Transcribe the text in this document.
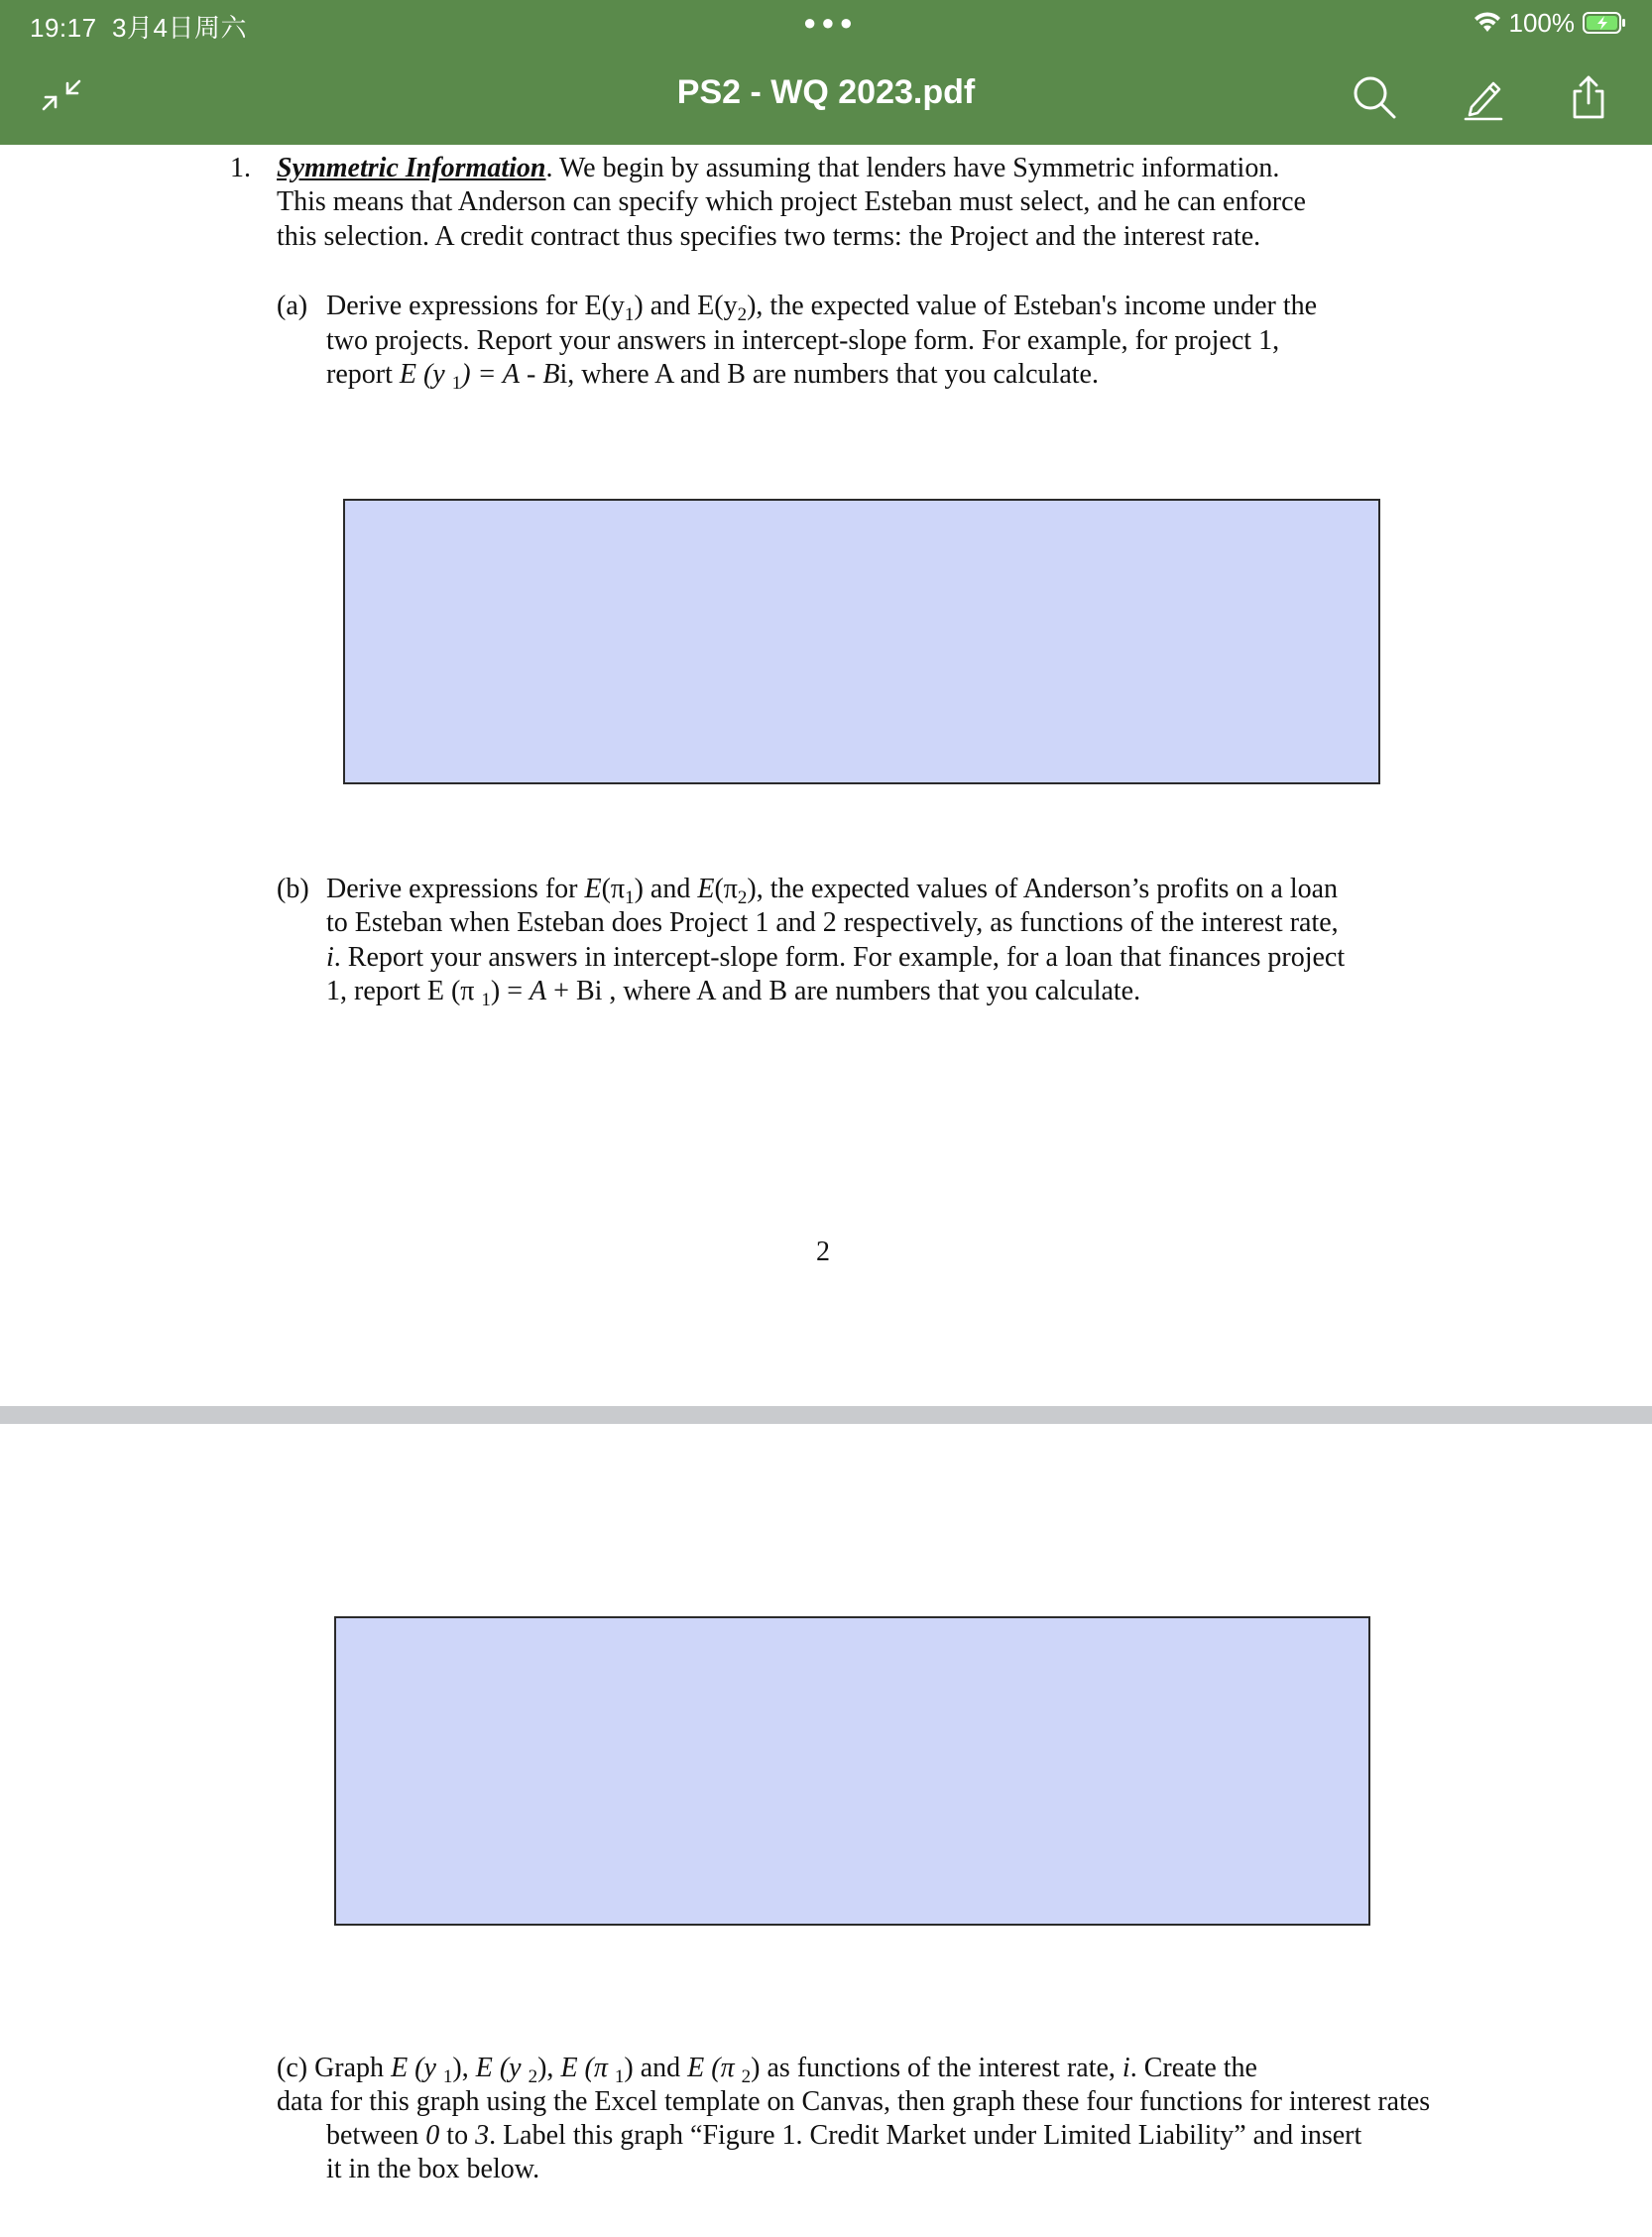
19:17 3月4日周六	●●●	100%
PS2 - WQ 2023.pdf
1. Symmetric Information. We begin by assuming that lenders have Symmetric information.
This means that Anderson can specify which project Esteban must select, and he can enforce
this selection. A credit contract thus specifies two terms: the Project and the interest rate.
(a) Derive expressions for $E(y_1)$ and $E(y_2)$, the expected value of Esteban's income under the
two projects. Report your answers in intercept-slope form. For example, for project 1,
report E (y $_1$) = A - Bi, where A and B are numbers that you calculate.
(b) Derive expressions for $E(\pi_1)$ and $E(\pi_2)$, the expected values of Anderson’s profits on a loan
to Esteban when Esteban does Project 1 and 2 respectively, as functions of the interest rate,
i. Report your answers in intercept-slope form. For example, for a loan that finances project
1, report E (π $_1$) = A + Bi , where A and B are numbers that you calculate.
2
(c) Graph E (y $_1$), E (y $_2$), E (π $_1$) and E (π $_2$) as functions of the interest rate, i. Create the
data for this graph using the Excel template on Canvas, then graph these four functions for interest rates
between 0 to 3. Label this graph “Figure 1. Credit Market under Limited Liability” and insert
it in the box below.
